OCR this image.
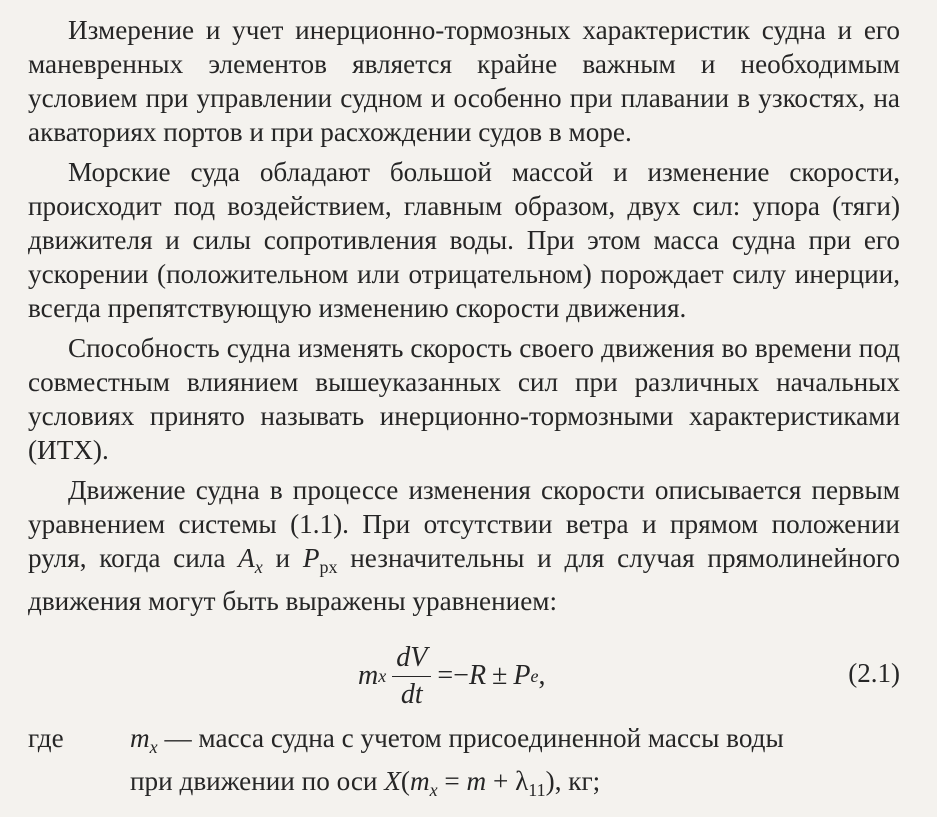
Измерение и учет инерционно-тормозных характеристик судна и его маневренных элементов является крайне важным и необходимым условием при управлении судном и особенно при плавании в узкостях, на акваториях портов и при расхождении судов в море.

Морские суда обладают большой массой и изменение скорости, происходит под воздействием, главным образом, двух сил: упора (тяги) движителя и силы сопротивления воды. При этом масса судна при его ускорении (положительном или отрицательном) порождает силу инерции, всегда препятствующую изменению скорости движения.

Способность судна изменять скорость своего движения во времени под совместным влиянием вышеуказанных сил при различных начальных условиях принято называть инерционно-тормозными характеристиками (ИТХ).

Движение судна в процессе изменения скорости описывается первым уравнением системы (1.1). При отсутствии ветра и прямом положении руля, когда сила $A_x$ и $P_{px}$ незначительны и для случая прямолинейного движения могут быть выражены уравнением:

m x $\frac{dV}{dt}$ = − R ± P e ,	(2.1)
где $m_x$ — масса судна с учетом присоединенной массы воды
при движении по оси $X(m_x = m + \lambda_{11})$, кг;
